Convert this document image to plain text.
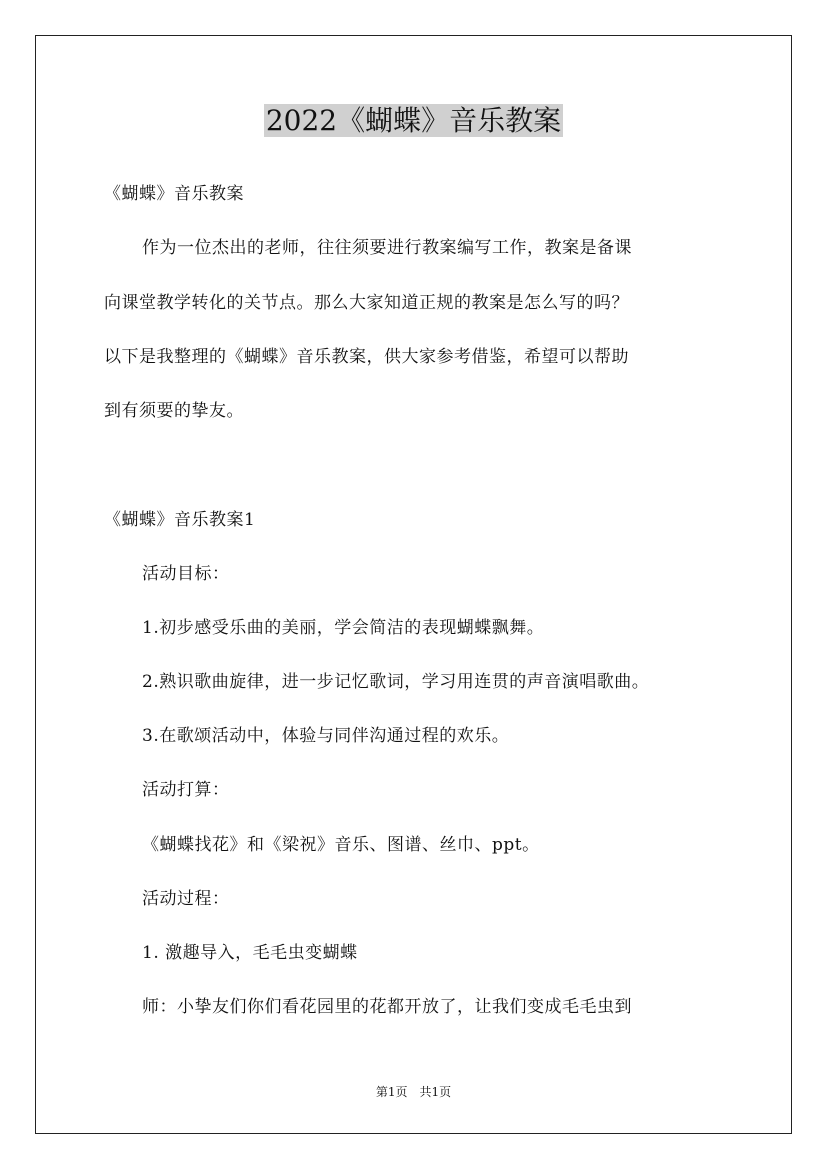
2022《蝴蝶》音乐教案
《蝴蝶》音乐教案
作为一位杰出的老师，往往须要进行教案编写工作，教案是备课
向课堂教学转化的关节点。那么大家知道正规的教案是怎么写的吗？
以下是我整理的《蝴蝶》音乐教案，供大家参考借鉴，希望可以帮助
到有须要的挚友。
《蝴蝶》音乐教案1
活动目标：
1.初步感受乐曲的美丽，学会简洁的表现蝴蝶飘舞。
2.熟识歌曲旋律，进一步记忆歌词，学习用连贯的声音演唱歌曲。
3.在歌颂活动中，体验与同伴沟通过程的欢乐。
活动打算：
《蝴蝶找花》和《梁祝》音乐、图谱、丝巾、ppt。
活动过程：
1. 激趣导入，毛毛虫变蝴蝶
师：小挚友们你们看花园里的花都开放了，让我们变成毛毛虫到
第1页　共1页
